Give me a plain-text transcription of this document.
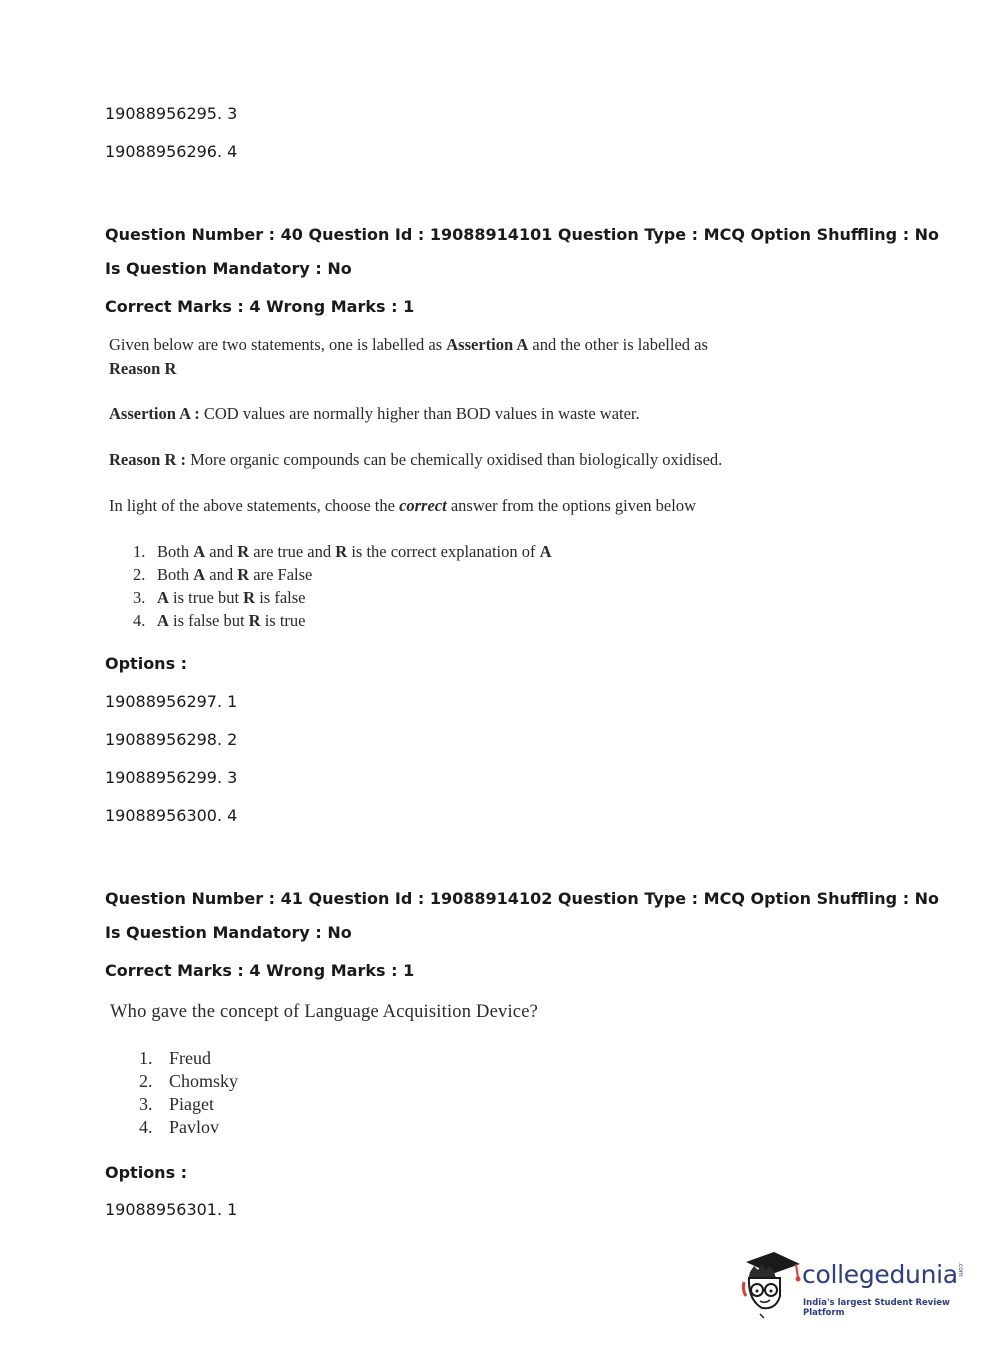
19088956295. 3
19088956296. 4
Question Number : 40 Question Id : 19088914101 Question Type : MCQ Option Shuffling : No
Is Question Mandatory : No
Correct Marks : 4 Wrong Marks : 1
Given below are two statements, one is labelled as Assertion A and the other is labelled as
Reason R
Assertion A : COD values are normally higher than BOD values in waste water.
Reason R : More organic compounds can be chemically oxidised than biologically oxidised.
In light of the above statements, choose the correct answer from the options given below
1. Both A and R are true and R is the correct explanation of A
2. Both A and R are False
3. A is true but R is false
4. A is false but R is true
Options :
19088956297. 1
19088956298. 2
19088956299. 3
19088956300. 4
Question Number : 41 Question Id : 19088914102 Question Type : MCQ Option Shuffling : No
Is Question Mandatory : No
Correct Marks : 4 Wrong Marks : 1
Who gave the concept of Language Acquisition Device?
1. Freud
2. Chomsky
3. Piaget
4. Pavlov
Options :
19088956301. 1
collegedunia .com
India's largest Student Review Platform
